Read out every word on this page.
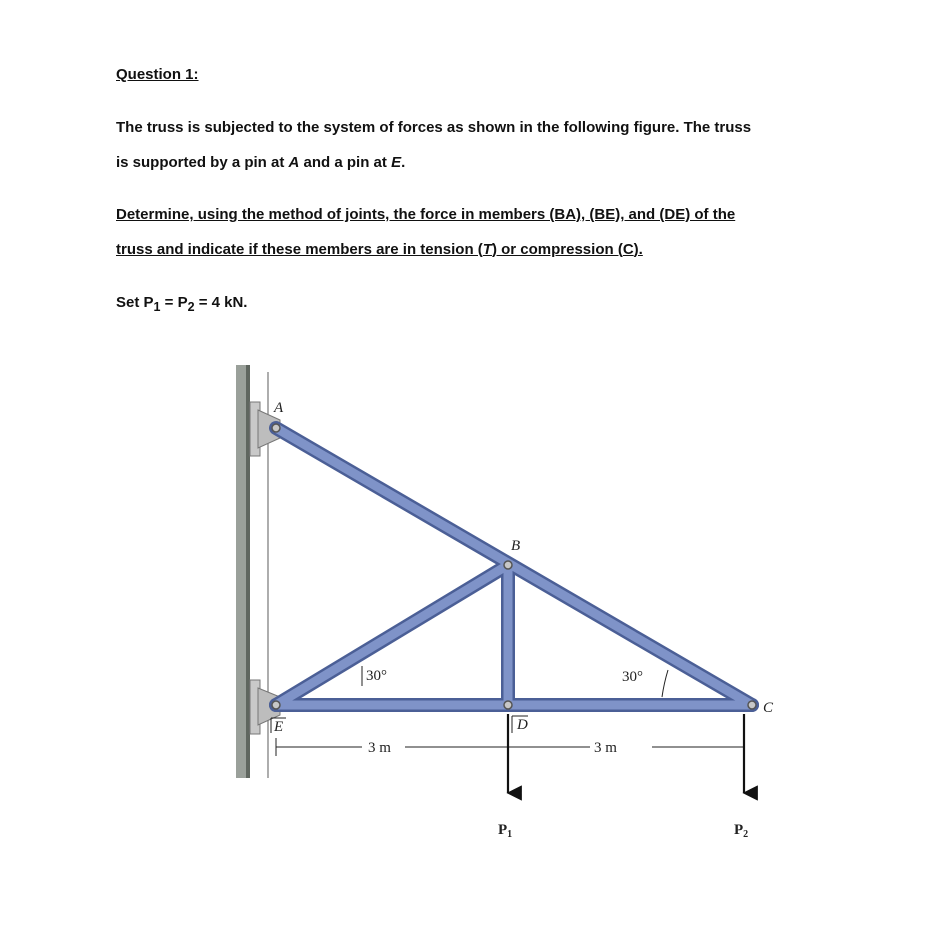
Question 1:
The truss is subjected to the system of forces as shown in the following figure. The truss
is supported by a pin at A and a pin at E.
Determine, using the method of joints, the force in members (BA), (BE), and (DE) of the
truss and indicate if these members are in tension (T) or compression (C).
Set $P_1 = P_2 = 4$ kN.
A
B
C
D
E
30°	30°
3 m	3 m
$P_1$	$P_2$
